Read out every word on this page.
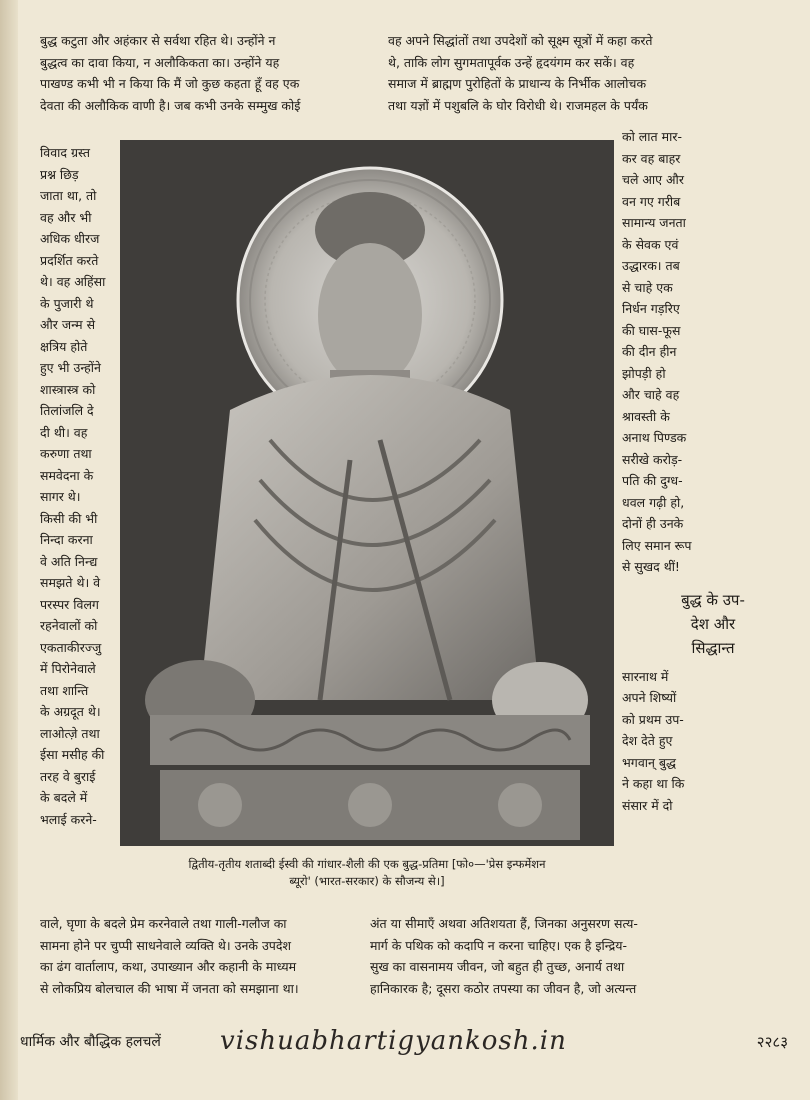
बुद्ध कटुता और अहंकार से सर्वथा रहित थे। उन्होंने न
बुद्धत्व का दावा किया, न अलौकिकता का। उन्होंने यह
पाखण्ड कभी भी न किया कि मैं जो कुछ कहता हूँ वह एक
देवता की अलौकिक वाणी है। जब कभी उनके सम्मुख कोई
वह अपने सिद्धांतों तथा उपदेशों को सूक्ष्म सूत्रों में कहा करते
थे, ताकि लोग सुगमतापूर्वक उन्हें हृदयंगम कर सकें। वह
समाज में ब्राह्मण पुरोहितों के प्राधान्य के निर्भीक आलोचक
तथा यज्ञों में पशुबलि के घोर विरोधी थे। राजमहल के पर्यंक
विवाद ग्रस्त
प्रश्न छिड़
जाता था, तो
वह और भी
अधिक धीरज
प्रदर्शित करते
थे। वह अहिंसा
के पुजारी थे
और जन्म से
क्षत्रिय होते
हुए भी उन्होंने
शास्त्रास्त्र को
तिलांजलि दे
दी थी। वह
करुणा तथा
समवेदना के
सागर थे।
किसी की भी
निन्दा करना
वे अति निन्द्य
समझते थे। वे
परस्पर विलग
रहनेवालों को
एकताकीरज्जु
में पिरोनेवाले
तथा शान्ति
के अग्रदूत थे।
लाओत्ज़े तथा
ईसा मसीह की
तरह वे बुराई
के बदले में
भलाई करने-
को लात मार-
कर वह बाहर
चले आए और
वन गए गरीब
सामान्य जनता
के सेवक एवं
उद्धारक। तब
से चाहे एक
निर्धन गड़रिए
की घास-फूस
की दीन हीन
झोपड़ी हो
और चाहे वह
श्रावस्ती के
अनाथ पिण्डक
सरीखे करोड़-
पति की दुग्ध-
धवल गढ़ी हो,
दोनों ही उनके
लिए समान रूप
से सुखद थीं!
बुद्ध के उप-
देश और
सिद्धान्त
सारनाथ में
अपने शिष्यों
को प्रथम उप-
देश देते हुए
भगवान् बुद्ध
ने कहा था कि
संसार में दो
द्वितीय-तृतीय शताब्दी ईस्वी की गांधार-शैली की एक बुद्ध-प्रतिमा [फो०—'प्रेस इन्फर्मेशन
ब्यूरो' (भारत-सरकार) के सौजन्य से।]
वाले, घृणा के बदले प्रेम करनेवाले तथा गाली-गलौज का
सामना होने पर चुप्पी साधनेवाले व्यक्ति थे। उनके उपदेश
का ढंग वार्तालाप, कथा, उपाख्यान और कहानी के माध्यम
से लोकप्रिय बोलचाल की भाषा में जनता को समझाना था।
अंत या सीमाएँ अथवा अतिशयता हैं, जिनका अनुसरण सत्य-
मार्ग के पथिक को कदापि न करना चाहिए। एक है इन्द्रिय-
सुख का वासनामय जीवन, जो बहुत ही तुच्छ, अनार्य तथा
हानिकारक है; दूसरा कठोर तपस्या का जीवन है, जो अत्यन्त
धार्मिक और बौद्धिक हलचलें vishuabhartigyankosh.in	२२८३
